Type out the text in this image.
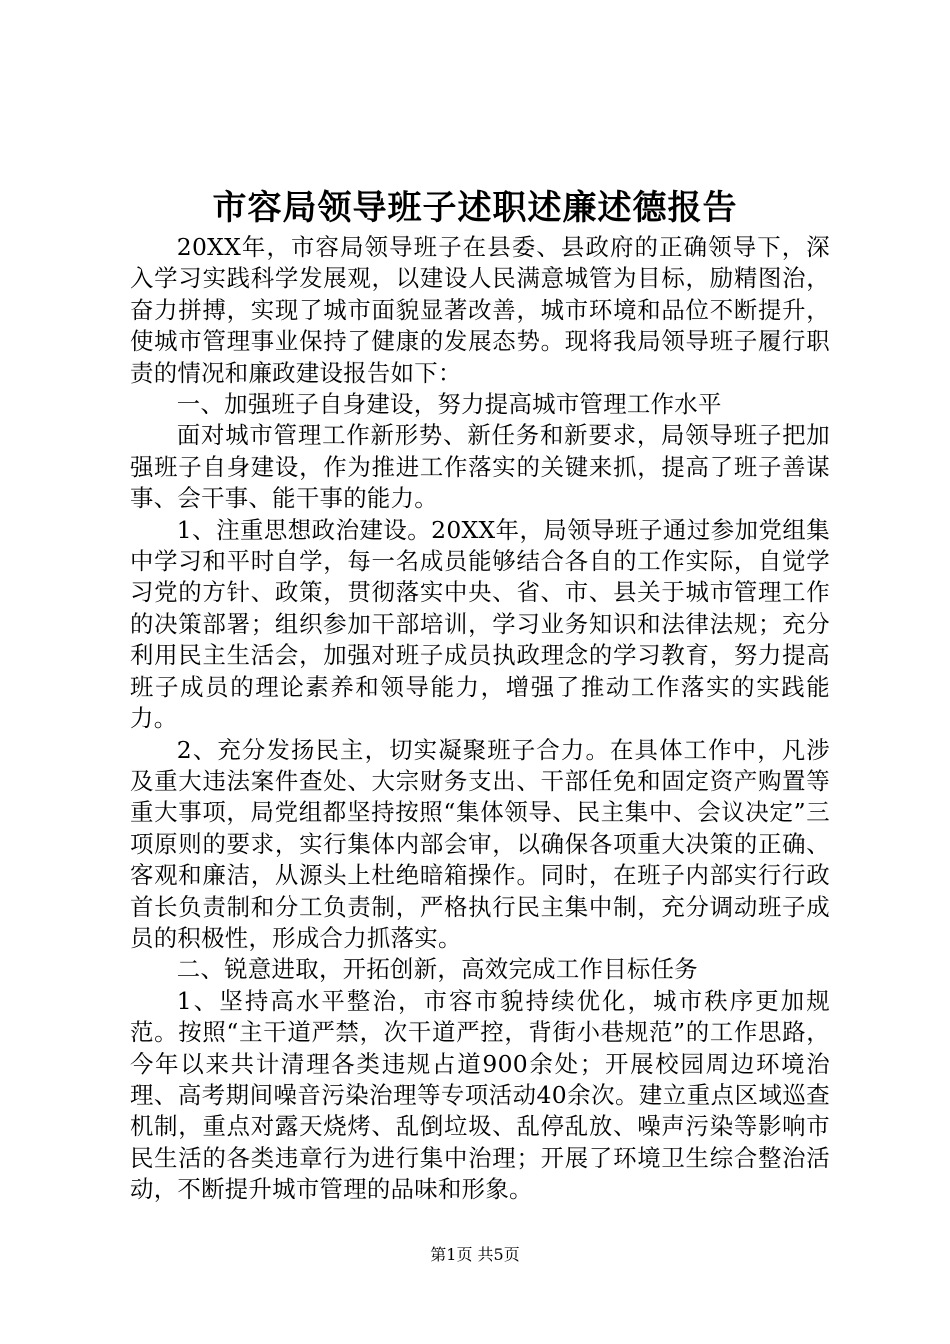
市容局领导班子述职述廉述德报告

20XX年，市容局领导班子在县委、县政府的正确领导下，深入学习实践科学发展观，以建设人民满意城管为目标，励精图治，奋力拼搏，实现了城市面貌显著改善，城市环境和品位不断提升，使城市管理事业保持了健康的发展态势。现将我局领导班子履行职责的情况和廉政建设报告如下：

一、加强班子自身建设，努力提高城市管理工作水平

面对城市管理工作新形势、新任务和新要求，局领导班子把加强班子自身建设，作为推进工作落实的关键来抓，提高了班子善谋事、会干事、能干事的能力。

1、注重思想政治建设。20XX年，局领导班子通过参加党组集中学习和平时自学，每一名成员能够结合各自的工作实际，自觉学习党的方针、政策，贯彻落实中央、省、市、县关于城市管理工作的决策部署；组织参加干部培训，学习业务知识和法律法规；充分利用民主生活会，加强对班子成员执政理念的学习教育，努力提高班子成员的理论素养和领导能力，增强了推动工作落实的实践能力。

2、充分发扬民主，切实凝聚班子合力。在具体工作中，凡涉及重大违法案件查处、大宗财务支出、干部任免和固定资产购置等重大事项，局党组都坚持按照“集体领导、民主集中、会议决定”三项原则的要求，实行集体内部会审，以确保各项重大决策的正确、客观和廉洁，从源头上杜绝暗箱操作。同时，在班子内部实行行政首长负责制和分工负责制，严格执行民主集中制，充分调动班子成员的积极性，形成合力抓落实。

二、锐意进取，开拓创新，高效完成工作目标任务

1、坚持高水平整治，市容市貌持续优化，城市秩序更加规范。按照“主干道严禁，次干道严控，背街小巷规范”的工作思路，今年以来共计清理各类违规占道900余处；开展校园周边环境治理、高考期间噪音污染治理等专项活动40余次。建立重点区域巡查机制，重点对露天烧烤、乱倒垃圾、乱停乱放、噪声污染等影响市民生活的各类违章行为进行集中治理；开展了环境卫生综合整治活动，不断提升城市管理的品味和形象。

第1页 共5页
